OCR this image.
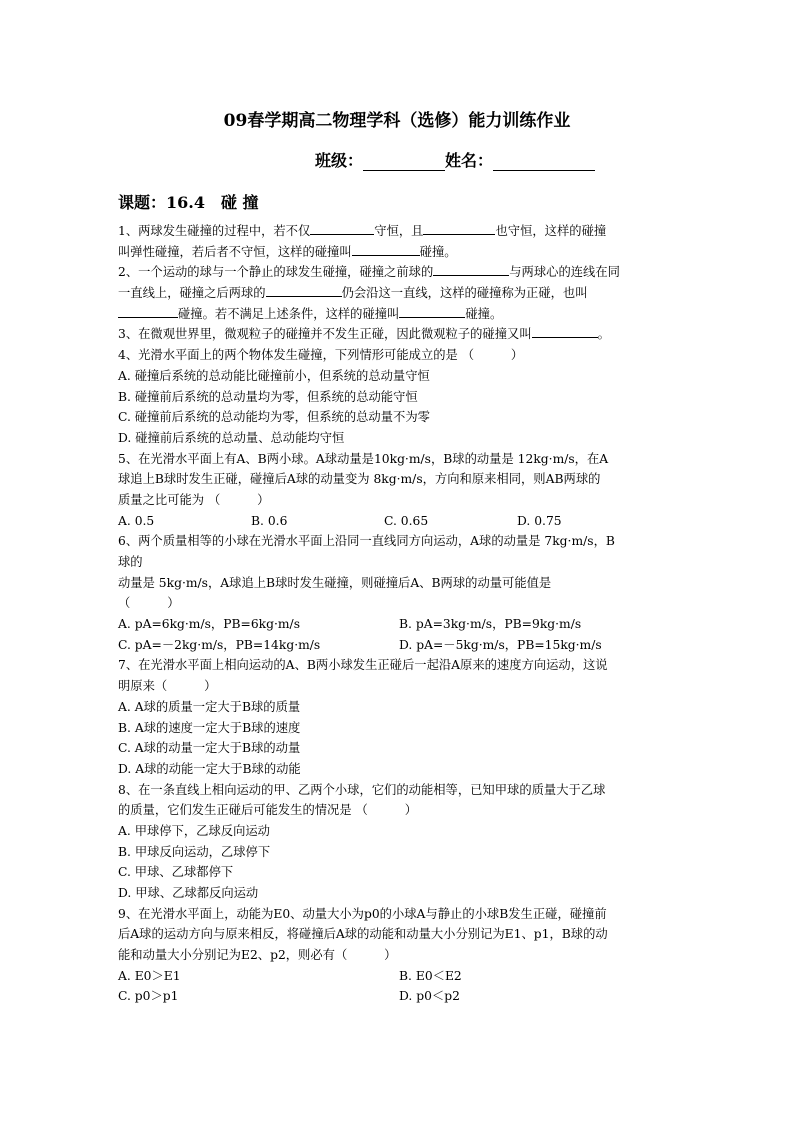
09春学期高二物理学科（选修）能力训练作业
班级：	姓名：
课题：16.4　碰 撞
1、两球发生碰撞的过程中，若不仅	守恒，且	也守恒，这样的碰撞
叫弹性碰撞，若后者不守恒，这样的碰撞叫	碰撞。
2、一个运动的球与一个静止的球发生碰撞，碰撞之前球的	与两球心的连线在同
一直线上，碰撞之后两球的	仍会沿这一直线，这样的碰撞称为正碰，也叫
碰撞。若不满足上述条件，这样的碰撞叫	碰撞。
3、在微观世界里，微观粒子的碰撞并不发生正碰，因此微观粒子的碰撞又叫	。
4、光滑水平面上的两个物体发生碰撞，下列情形可能成立的是 （　　　）
A. 碰撞后系统的总动能比碰撞前小，但系统的总动量守恒
B. 碰撞前后系统的总动量均为零，但系统的总动能守恒
C. 碰撞前后系统的总动能均为零，但系统的总动量不为零
D. 碰撞前后系统的总动量、总动能均守恒
5、在光滑水平面上有A、B两小球。A球动量是10kg·m/s，B球的动量是 12kg·m/s，在A
球追上B球时发生正碰，碰撞后A球的动量变为 8kg·m/s，方向和原来相同，则AB两球的
质量之比可能为 （　　　）
A. 0.5	B. 0.6	C. 0.65	D. 0.75
6、两个质量相等的小球在光滑水平面上沿同一直线同方向运动，A球的动量是 7kg·m/s，B
球的
动量是 5kg·m/s，A球追上B球时发生碰撞，则碰撞后A、B两球的动量可能值是
（　　　）
A. pA=6kg·m/s，PB=6kg·m/s	B. pA=3kg·m/s，PB=9kg·m/s
C. pA=－2kg·m/s，PB=14kg·m/s	D. pA=－5kg·m/s，PB=15kg·m/s
7、在光滑水平面上相向运动的A、B两小球发生正碰后一起沿A原来的速度方向运动，这说
明原来（　　　）
A. A球的质量一定大于B球的质量
B. A球的速度一定大于B球的速度
C. A球的动量一定大于B球的动量
D. A球的动能一定大于B球的动能
8、在一条直线上相向运动的甲、乙两个小球，它们的动能相等，已知甲球的质量大于乙球
的质量，它们发生正碰后可能发生的情况是 （　　　）
A. 甲球停下，乙球反向运动
B. 甲球反向运动，乙球停下
C. 甲球、乙球都停下
D. 甲球、乙球都反向运动
9、在光滑水平面上，动能为E0、动量大小为p0的小球A与静止的小球B发生正碰，碰撞前
后A球的运动方向与原来相反，将碰撞后A球的动能和动量大小分别记为E1、p1，B球的动
能和动量大小分别记为E2、p2，则必有（　　　）
A. E0＞E1	B. E0＜E2
C. p0＞p1	D. p0＜p2
